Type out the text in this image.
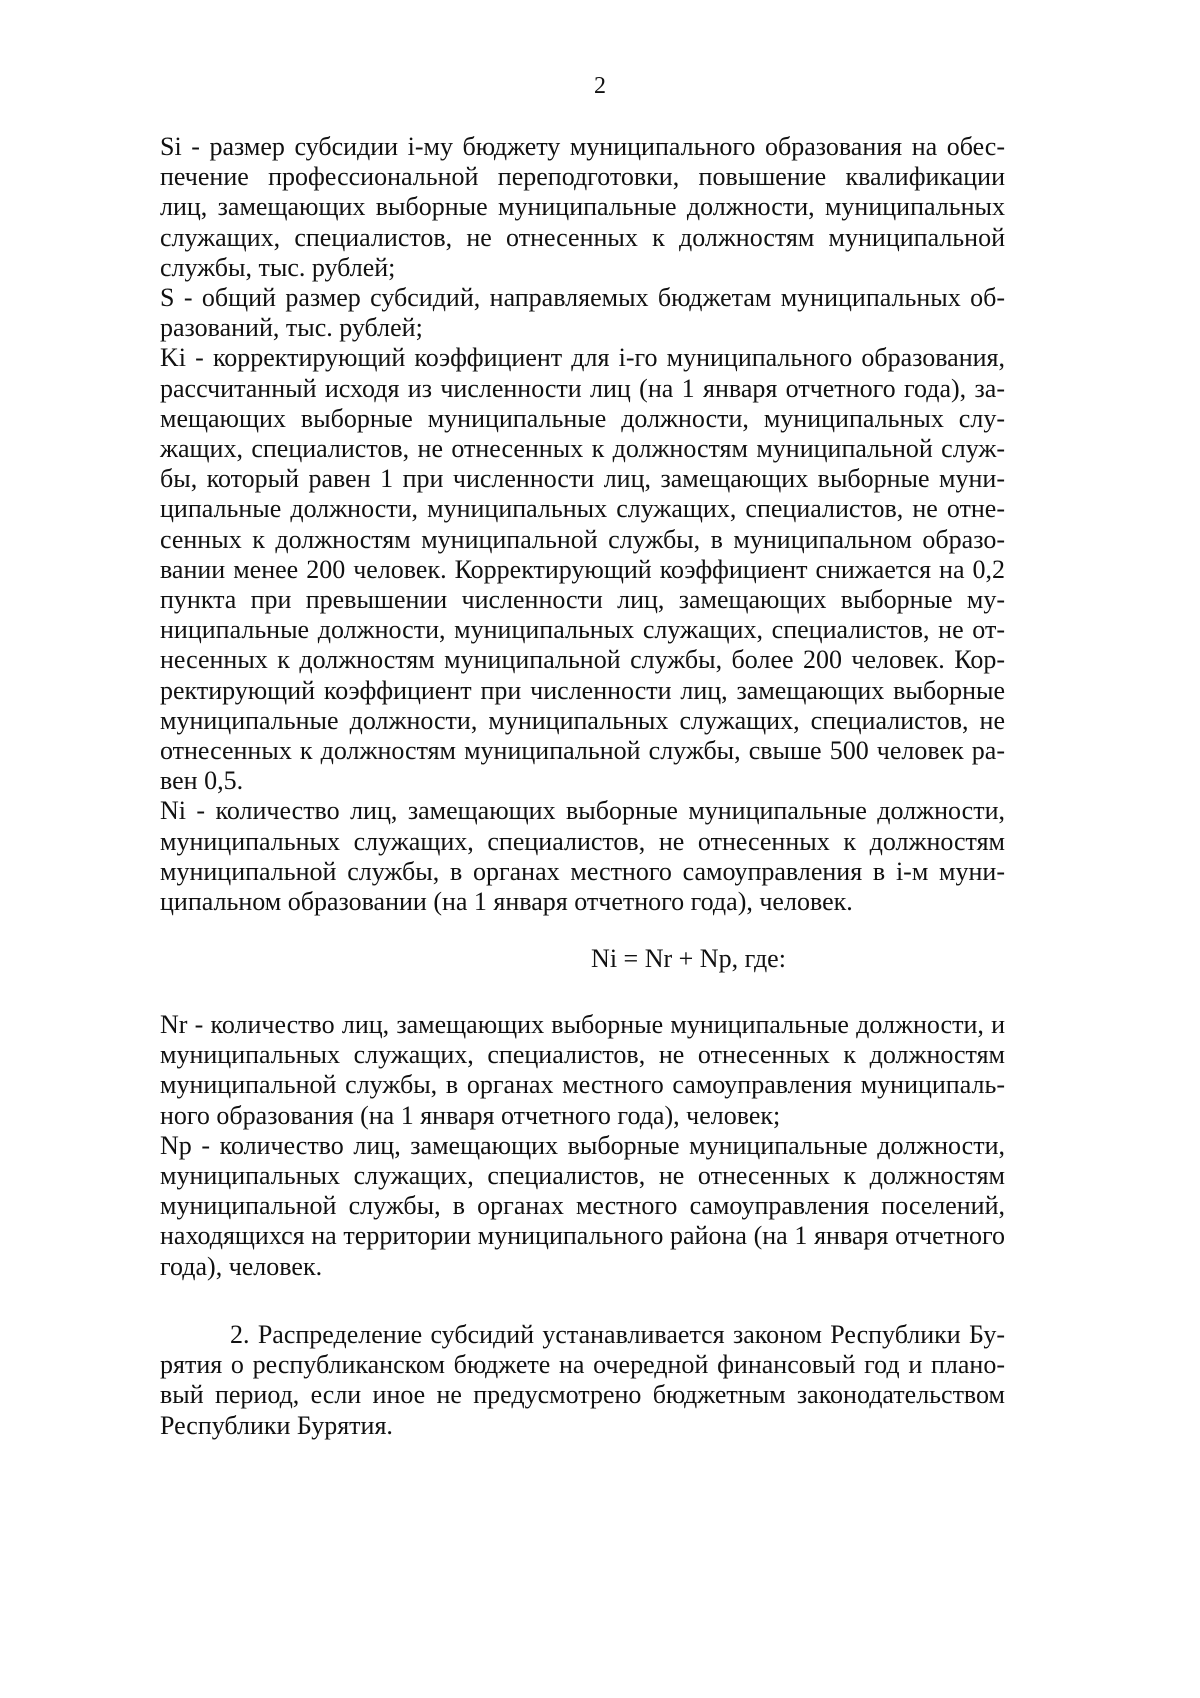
2

Si - размер субсидии i-му бюджету муниципального образования на обеспечение профессиональной переподготовки, повышение квалификации лиц, замещающих выборные муниципальные должности, муниципальных служащих, специалистов, не отнесенных к должностям муниципальной службы, тыс. рублей;

S - общий размер субсидий, направляемых бюджетам муниципальных образований, тыс. рублей;

Ki - корректирующий коэффициент для i-го муниципального образования, рассчитанный исходя из численности лиц (на 1 января отчетного года), замещающих выборные муниципальные должности, муниципальных служащих, специалистов, не отнесенных к должностям муниципальной службы, который равен 1 при численности лиц, замещающих выборные муниципальные должности, муниципальных служащих, специалистов, не отнесенных к должностям муниципальной службы, в муниципальном образовании менее 200 человек. Корректирующий коэффициент снижается на 0,2 пункта при превышении численности лиц, замещающих выборные муниципальные должности, муниципальных служащих, специалистов, не отнесенных к должностям муниципальной службы, более 200 человек. Корректирующий коэффициент при численности лиц, замещающих выборные муниципальные должности, муниципальных служащих, специалистов, не отнесенных к должностям муниципальной службы, свыше 500 человек равен 0,5.

Ni - количество лиц, замещающих выборные муниципальные должности, муниципальных служащих, специалистов, не отнесенных к должностям муниципальной службы, в органах местного самоуправления в i-м муниципальном образовании (на 1 января отчетного года), человек.

Ni = Nr + Np, где:

Nr - количество лиц, замещающих выборные муниципальные должности, и муниципальных служащих, специалистов, не отнесенных к должностям муниципальной службы, в органах местного самоуправления муниципального образования (на 1 января отчетного года), человек;

Np - количество лиц, замещающих выборные муниципальные должности, муниципальных служащих, специалистов, не отнесенных к должностям муниципальной службы, в органах местного самоуправления поселений, находящихся на территории муниципального района (на 1 января отчетного года), человек.

2. Распределение субсидий устанавливается законом Республики Бурятия о республиканском бюджете на очередной финансовый год и плановый период, если иное не предусмотрено бюджетным законодательством Республики Бурятия.
